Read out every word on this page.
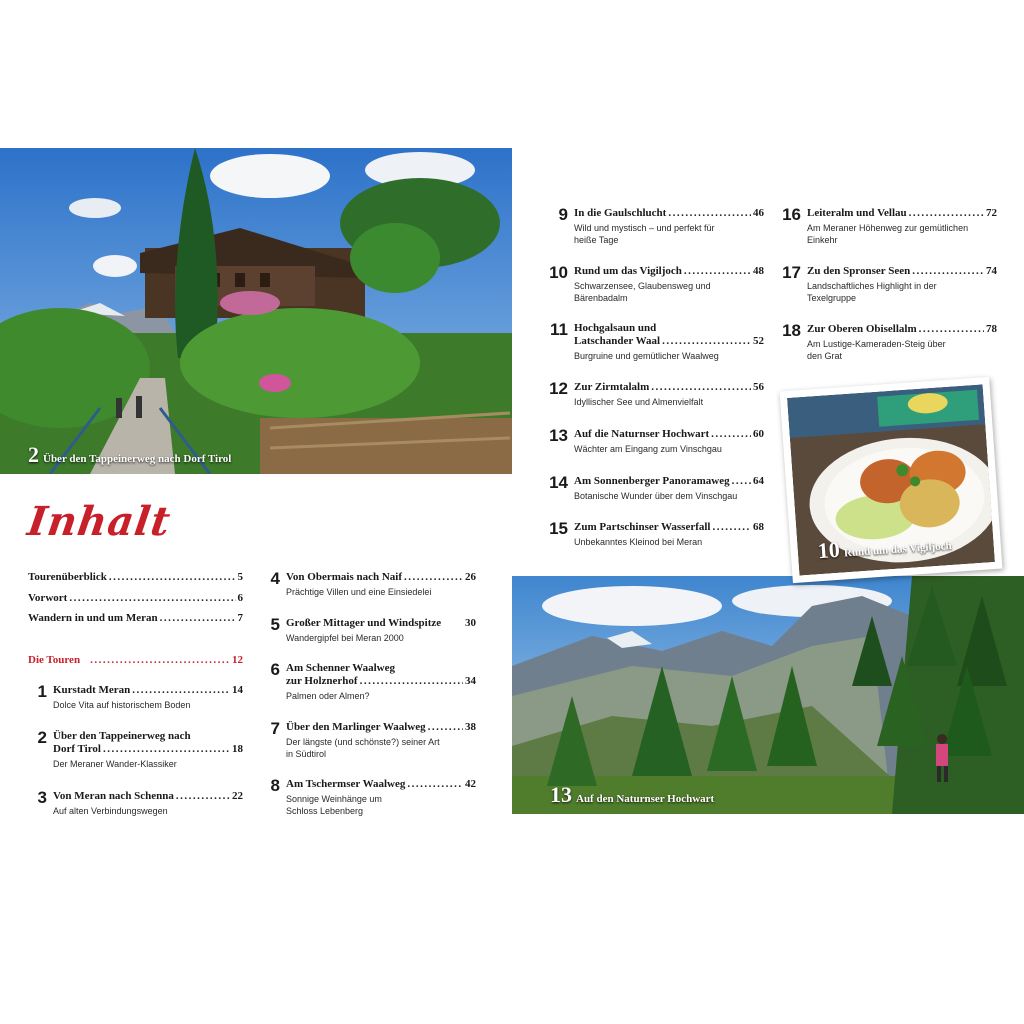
2 Über den Tappeinerweg nach Dorf Tirol
Inhalt
Tourenüberblick .....	5
Vorwort .....	6
Wandern in und um Meran .....	7
Die Touren .....	12
1 Kurstadt Meran .....	14
Dolce Vita auf historischem Boden
2 Über den Tappeinerweg nach
Dorf Tirol .....	18
Der Meraner Wander-Klassiker
3 Von Meran nach Schenna .....	22
Auf alten Verbindungswegen
4 Von Obermais nach Naif .....	26
Prächtige Villen und eine Einsiedelei
5 Großer Mittager und Windspitze 30
Wandergipfel bei Meran 2000
6 Am Schenner Waalweg
zur Holznerhof .....	34
Palmen oder Almen?
7 Über den Marlinger Waalweg .....	38
Der längste (und schönste?) seiner Art
in Südtirol
8 Am Tschermser Waalweg .....	42
Sonnige Weinhänge um
Schloss Lebenberg
9 In die Gaulschlucht .....	46
Wild und mystisch – und perfekt für
heiße Tage
10 Rund um das Vigiljoch .....	48
Schwarzensee, Glaubensweg und
Bärenbadalm
11 Hochgalsaun und
Latschander Waal .....	52
Burgruine und gemütlicher Waalweg
12 Zur Zirmtalalm .....	56
Idyllischer See und Almenvielfalt
13 Auf die Naturnser Hochwart .....	60
Wächter am Eingang zum Vinschgau
14 Am Sonnenberger Panoramaweg ..... 64
Botanische Wunder über dem Vinschgau
15 Zum Partschinser Wasserfall .....	68
Unbekanntes Kleinod bei Meran
16 Leiteralm und Vellau .....	72
Am Meraner Höhenweg zur gemütlichen
Einkehr
17 Zu den Spronser Seen .....	74
Landschaftliches Highlight in der
Texelgruppe
18 Zur Oberen Obisellalm .....	78
Am Lustige-Kameraden-Steig über
den Grat
13 Auf den Naturnser Hochwart
10 Rund um das Vigiljoch
